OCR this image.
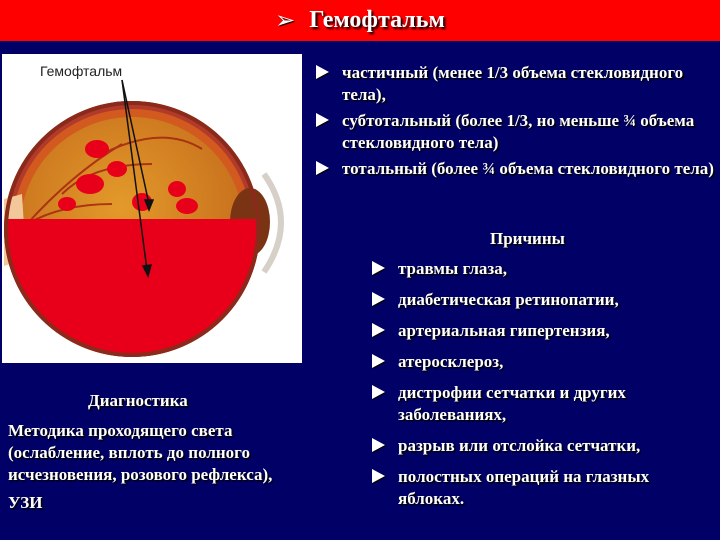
➢ Гемофтальм
Гемофтальм	частичный (менее 1/3 объема стекловидного тела),
субтотальный (более 1/3, но меньше ¾ объема стекловидного тела)
тотальный (более ¾ объема стекловидного тела)
Причины
травмы глаза,
диабетическая ретинопатии,
артериальная гипертензия,
атеросклероз,
дистрофии сетчатки и других заболеваниях,
разрыв или отслойка сетчатки,
полостных операций на глазных яблоках.
Диагностика

Методика проходящего света (ослабление, вплоть до полного исчезновения, розового рефлекса),

УЗИ
